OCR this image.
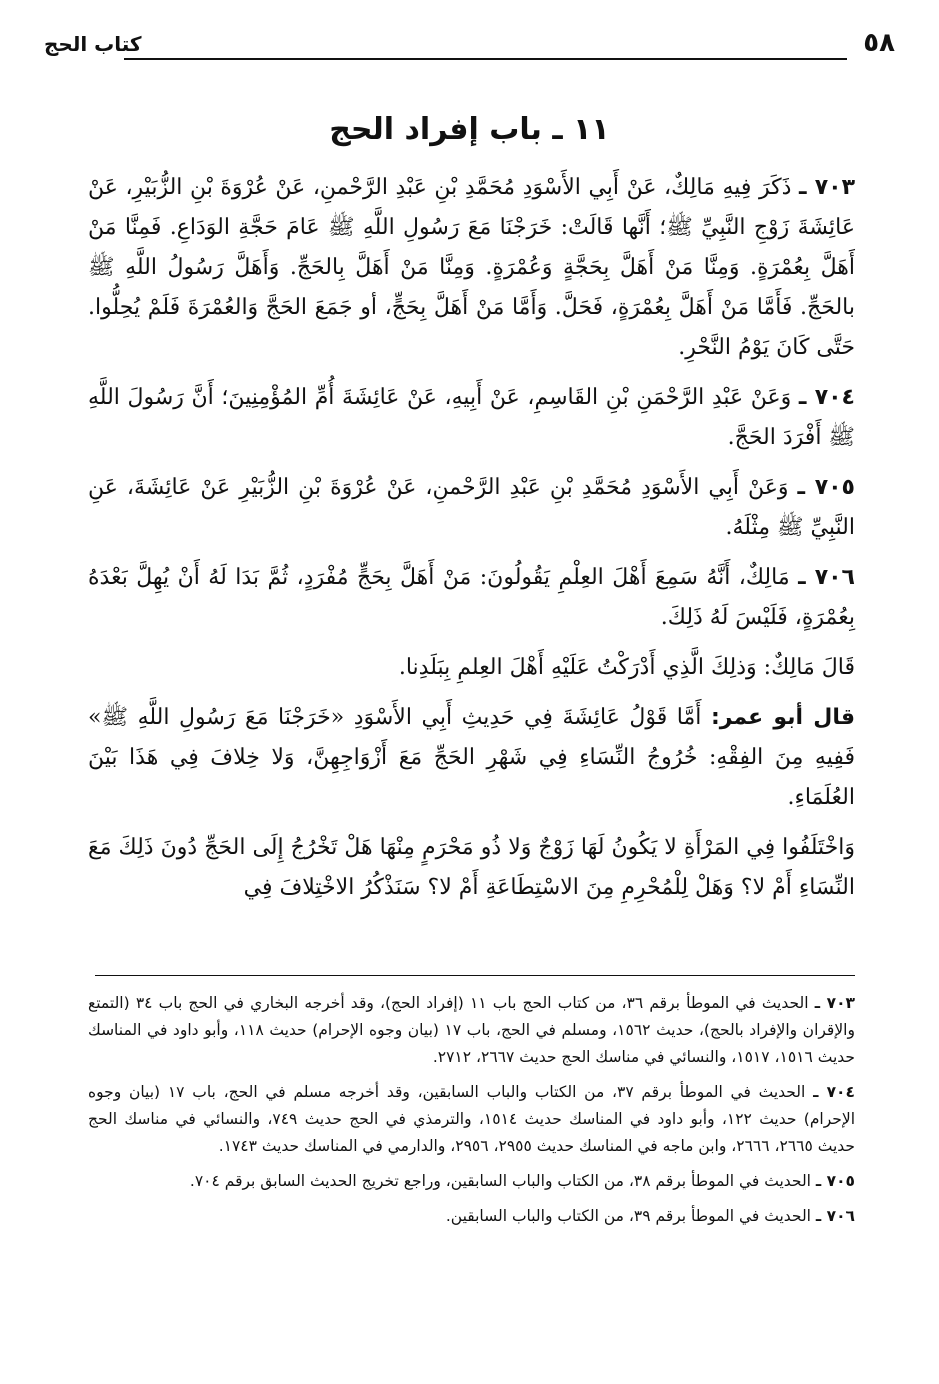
كتاب الحج	٥٨
١١ ـ باب إفراد الحج

٧٠٣ ـ ذَكَرَ فِيهِ مَالِكٌ، عَنْ أَبِي الأَسْوَدِ مُحَمَّدِ بْنِ عَبْدِ الرَّحْمنِ، عَنْ عُرْوَةَ بْنِ الزُّبَيْرِ، عَنْ عَائِشَةَ زَوْجِ النَّبِيِّ ﷺ؛ أَنَّها قَالَتْ: خَرَجْنَا مَعَ رَسُولِ اللَّهِ ﷺ عَامَ حَجَّةِ الوَدَاعِ. فَمِنَّا مَنْ أَهَلَّ بِعُمْرَةٍ. وَمِنَّا مَنْ أَهَلَّ بِحَجَّةٍ وَعُمْرَةٍ. وَمِنَّا مَنْ أَهَلَّ بِالحَجِّ. وَأَهَلَّ رَسُولُ اللَّهِ ﷺ بالحَجِّ. فَأَمَّا مَنْ أَهَلَّ بِعُمْرَةٍ، فَحَلَّ. وَأَمَّا مَنْ أَهَلَّ بِحَجٍّ، أو جَمَعَ الحَجَّ وَالعُمْرَةَ فَلَمْ يُحِلُّوا. حَتَّى كَانَ يَوْمُ النَّحْرِ.

٧٠٤ ـ وَعَنْ عَبْدِ الرَّحْمَنِ بْنِ القَاسِمِ، عَنْ أَبِيهِ، عَنْ عَائِشَةَ أُمِّ المُؤْمِنِينَ؛ أَنَّ رَسُولَ اللَّهِ ﷺ أَفْرَدَ الحَجَّ.

٧٠٥ ـ وَعَنْ أَبِي الأَسْوَدِ مُحَمَّدِ بْنِ عَبْدِ الرَّحْمنِ، عَنْ عُرْوَةَ بْنِ الزُّبَيْرِ عَنْ عَائِشَةَ، عَنِ النَّبِيِّ ﷺ مِثْلَهُ.

٧٠٦ ـ مَالِكٌ، أَنَّهُ سَمِعَ أَهْلَ العِلْمِ يَقُولُونَ: مَنْ أَهَلَّ بِحَجٍّ مُفْرَدٍ، ثُمَّ بَدَا لَهُ أَنْ يُهِلَّ بَعْدَهُ بِعُمْرَةٍ، فَلَيْسَ لَهُ ذَلِكَ.

قَالَ مَالِكٌ: وَذلِكَ الَّذِي أَدْرَكْتُ عَلَيْهِ أَهْلَ العِلمِ بِبَلَدِنا.

قال أبو عمر: أَمَّا قَوْلُ عَائِشَةَ فِي حَدِيثِ أَبِي الأَسْوَدِ «خَرَجْنَا مَعَ رَسُولِ اللَّهِ ﷺ» فَفِيهِ مِنَ الفِقْهِ: خُرُوجُ النِّسَاءِ فِي شَهْرِ الحَجِّ مَعَ أَزْوَاجِهِنَّ، وَلا خِلافَ فِي هَذَا بَيْنَ العُلَمَاءِ.

وَاخْتَلَفُوا فِي المَرْأَةِ لا يَكُونُ لَهَا زَوْجٌ وَلا ذُو مَحْرَمٍ مِنْهَا هَلْ تَخْرُجُ إِلَى الحَجِّ دُونَ ذَلِكَ مَعَ النِّسَاءِ أَمْ لا؟ وَهَلْ لِلْمُحْرِمِ مِنَ الاسْتِطَاعَةِ أَمْ لا؟ سَنَذْكُرُ الاخْتِلافَ فِي

٧٠٣ ـ الحديث في الموطأ برقم ٣٦، من كتاب الحج باب ١١ (إفراد الحج)، وقد أخرجه البخاري في الحج باب ٣٤ (التمتع والإقران والإفراد بالحج)، حديث ١٥٦٢، ومسلم في الحج، باب ١٧ (بيان وجوه الإحرام) حديث ١١٨، وأبو داود في المناسك حديث ١٥١٦، ١٥١٧، والنسائي في مناسك الحج حديث ٢٦٦٧، ٢٧١٢.

٧٠٤ ـ الحديث في الموطأ برقم ٣٧، من الكتاب والباب السابقين، وقد أخرجه مسلم في الحج، باب ١٧ (بيان وجوه الإحرام) حديث ١٢٢، وأبو داود في المناسك حديث ١٥١٤، والترمذي في الحج حديث ٧٤٩، والنسائي في مناسك الحج حديث ٢٦٦٥، ٢٦٦٦، وابن ماجه في المناسك حديث ٢٩٥٥، ٢٩٥٦، والدارمي في المناسك حديث ١٧٤٣.

٧٠٥ ـ الحديث في الموطأ برقم ٣٨، من الكتاب والباب السابقين، وراجع تخريج الحديث السابق برقم ٧٠٤.

٧٠٦ ـ الحديث في الموطأ برقم ٣٩، من الكتاب والباب السابقين.
